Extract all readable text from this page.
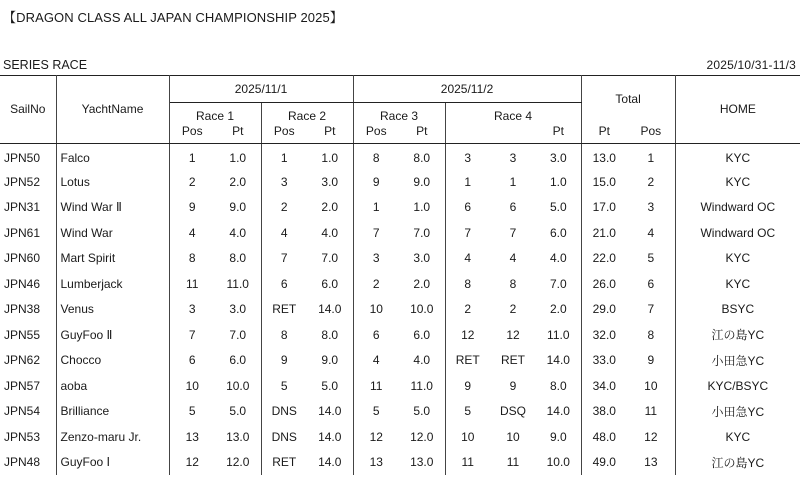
【DRAGON CLASS ALL JAPAN CHAMPIONSHIP 2025】
SERIES RACE	2025/10/31-11/3
SailNo	YachtName	2025/11/1				2025/11/2					Total		HOME
		Race 1		Race 2		Race 3		Race 4					
		Pos	Pt	Pos	Pt	Pos	Pt			Pt	Pt	Pos	
JPN50	Falco	1	1.0	1	1.0	8	8.0	3	3	3.0	13.0	1	KYC
JPN52	Lotus	2	2.0	3	3.0	9	9.0	1	1	1.0	15.0	2	KYC
JPN31	Wind War Ⅱ	9	9.0	2	2.0	1	1.0	6	6	5.0	17.0	3	Windward OC
JPN61	Wind War	4	4.0	4	4.0	7	7.0	7	7	6.0	21.0	4	Windward OC
JPN60	Mart Spirit	8	8.0	7	7.0	3	3.0	4	4	4.0	22.0	5	KYC
JPN46	Lumberjack	11	11.0	6	6.0	2	2.0	8	8	7.0	26.0	6	KYC
JPN38	Venus	3	3.0	RET	14.0	10	10.0	2	2	2.0	29.0	7	BSYC
JPN55	GuyFoo Ⅱ	7	7.0	8	8.0	6	6.0	12	12	11.0	32.0	8	江の島YC
JPN62	Chocco	6	6.0	9	9.0	4	4.0	RET	RET	14.0	33.0	9	小田急YC
JPN57	aoba	10	10.0	5	5.0	11	11.0	9	9	8.0	34.0	10	KYC/BSYC
JPN54	Brilliance	5	5.0	DNS	14.0	5	5.0	5	DSQ	14.0	38.0	11	小田急YC
JPN53	Zenzo-maru Jr.	13	13.0	DNS	14.0	12	12.0	10	10	9.0	48.0	12	KYC
JPN48	GuyFoo Ⅰ	12	12.0	RET	14.0	13	13.0	11	11	10.0	49.0	13	江の島YC
